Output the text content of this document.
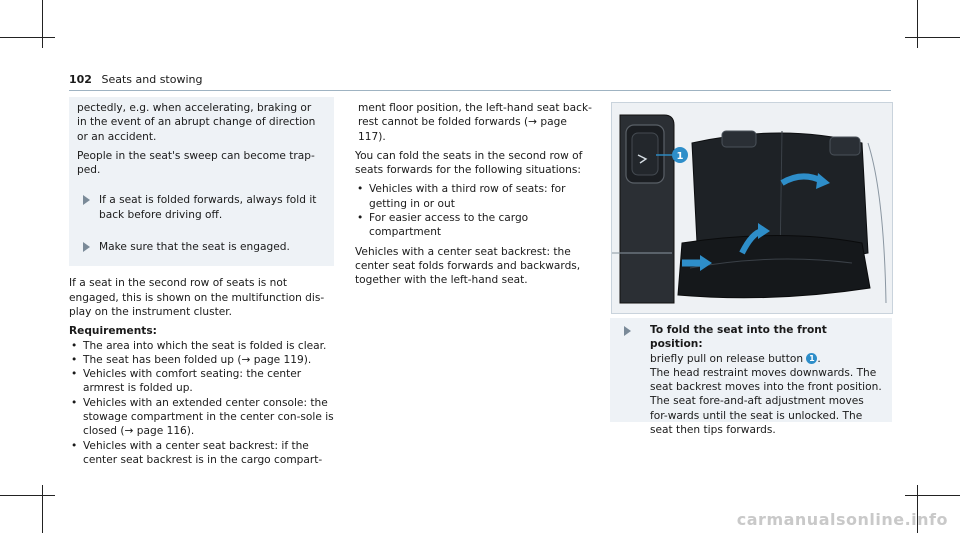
102 Seats and stowing
pectedly, e.g. when accelerating, braking or
in the event of an abrupt change of direction
or an accident.
People in the seat's sweep can become trap-ped.
If a seat is folded forwards, always fold it back before driving off.
Make sure that the seat is engaged.

If a seat in the second row of seats is not engaged, this is shown on the multifunction dis-play on the instrument cluster.

Requirements:
• The area into which the seat is folded is clear.
• The seat has been folded up (→ page 119).
• Vehicles with comfort seating: the center armrest is folded up.
• Vehicles with an extended center console: the stowage compartment in the center con-sole is closed (→ page 116).
• Vehicles with a center seat backrest: if the center seat backrest is in the cargo compart-

ment floor position, the left-hand seat back-rest cannot be folded forwards (→ page 117).

You can fold the seats in the second row of seats forwards for the following situations:

• Vehicles with a third row of seats: for getting in or out
• For easier access to the cargo compartment

Vehicles with a center seat backrest: the center seat folds forwards and backwards, together with the left-hand seat.

1
To fold the seat into the front position:
briefly pull on release button 1 .
The head restraint moves downwards. The seat backrest moves into the front position. The seat fore-and-aft adjustment moves for-wards until the seat is unlocked. The seat then tips forwards.
carmanualsonline.info
